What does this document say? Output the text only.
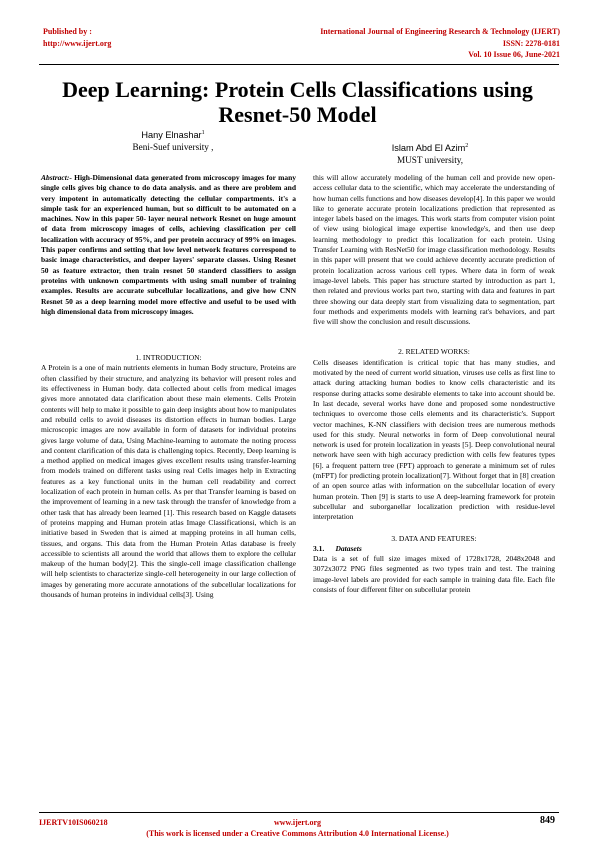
Published by :
http://www.ijert.org
International Journal of Engineering Research & Technology (IJERT)
ISSN: 2278-0181
Vol. 10 Issue 06, June-2021
Deep Learning: Protein Cells Classifications using Resnet-50 Model
Hany Elnashar$^1$
Beni-Suef university ,	Islam Abd El Azim$^2$
MUST university,

Abstract:- High-Dimensional data generated from microscopy images for many single cells gives big chance to do data analysis. and as there are problem and very impotent in automatically detecting the cellular compartments. it's a simple task for an experienced human, but so difficult to be automated on a machines. Now in this paper 50- layer neural network Resnet on huge amount of data from microscopy images of cells, achieving classification per cell localization with accuracy of 95%, and per protein accuracy of 99% on images. This paper confirms and setting that low level network features correspond to basic image characteristics, and deeper layers' separate classes. Using Resnet 50 as feature extractor, then train resnet 50 standerd classifiers to assign proteins with unknown compartments with using small number of training examples. Results are accurate subcellular localizations, and give how CNN Resnet 50 as a deep learning model more effective and useful to be used with high dimensional data from microscopy images.

1. INTRODUCTION:

A Protein is a one of main nutrients elements in human Body structure, Proteins are often classified by their structure, and analyzing its behavior will present roles and its effectiveness in Human body. data collected about cells from medical images gives more annotated data clarification about these main elements. Cells Protein contents will help to make it possible to gain deep insights about how to manipulates and rebuild cells to avoid diseases its distortion effects in human bodies. Large microscopic images are now available in form of datasets for individual proteins gives large volume of data, Using Machine-learning to automate the noting process and content clarification of this data is challenging topics. Recently, Deep learning is a method applied on medical images gives excellent results using transfer-learning from models trained on different tasks using real Cells images help in Extracting features as a key functional units in the human cell readability and correct localization of each protein in human cells. As per that Transfer learning is based on the improvement of learning in a new task through the transfer of knowledge from a other task that has already been learned [1]. This research based on Kaggle datasets of proteins mapping and Human protein atlas Image Classificationsi, which is an initiative based in Sweden that is aimed at mapping proteins in all human cells, tissues, and organs. This data from the Human Protein Atlas database is freely accessible to scientists all around the world that allows them to explore the cellular makeup of the human body[2]. This the single-cell image classification challenge will help scientists to characterize single-cell heterogeneity in our large collection of images by generating more accurate annotations of the subcellular localizations for thousands of human proteins in individual cells[3]. Using

this will allow accurately modeling of the human cell and provide new open-access cellular data to the scientific, which may accelerate the understanding of how human cells functions and how diseases develop[4]. In this paper we would like to generate accurate protein localizations prediction that represented as integer labels based on the images. This work starts from computer vision point of view using biological image expertise knowledge's, and then use deep learning methodology to predict this localization for each protein. Using Transfer Learning with ResNet50 for image classification methodology. Results in this paper will present that we could achieve decently accurate prediction of protein localization across various cell types. Where data in form of weak image-level labels. This paper has structure started by introduction as part 1, then related and previous works part two, starting with data and features in part three showing our data deeply start from visualizing data to segmentation, part four methods and experiments models with learning rat's behaviors, and part five will show the conclusion and result discussions.

2. RELATED WORKS:

Cells diseases identification is critical topic that has many studies, and motivated by the need of current world situation, viruses use cells as first line to attack during attacking human bodies to know cells characteristic and its response during attacks some desirable elements to take into account should be. In last decade, several works have done and proposed some nondestructive techniques to overcome those cells elements and its characteristic's. Support vector machines, K-NN classifiers with decision trees are numerous methods used for this study. Neural networks in form of Deep convolutional neural network is used for protein localization in yeasts [5]. Deep convolutional neural network have seen with high accuracy prediction with cells few features types [6]. a frequent pattern tree (FPT) approach to generate a minimum set of rules (mFPT) for predicting protein localization[7]. Without forget that in [8] creation of an open source atlas with information on the subcellular location of every human protein. Then [9] is starts to use A deep-learning framework for protein subcellular and suborganellar localization prediction with residue-level interpretation

3. DATA AND FEATURES:

3.1. Datasets

Data is a set of full size images mixed of 1728x1728, 2048x2048 and 3072x3072 PNG files segmented as two types train and test. The training image-level labels are provided for each sample in training data file. Each file consists of four different filter on subcellular protein

IJERTV10IS060218	www.ijert.org
(This work is licensed under a Creative Commons Attribution 4.0 International License.)
849
